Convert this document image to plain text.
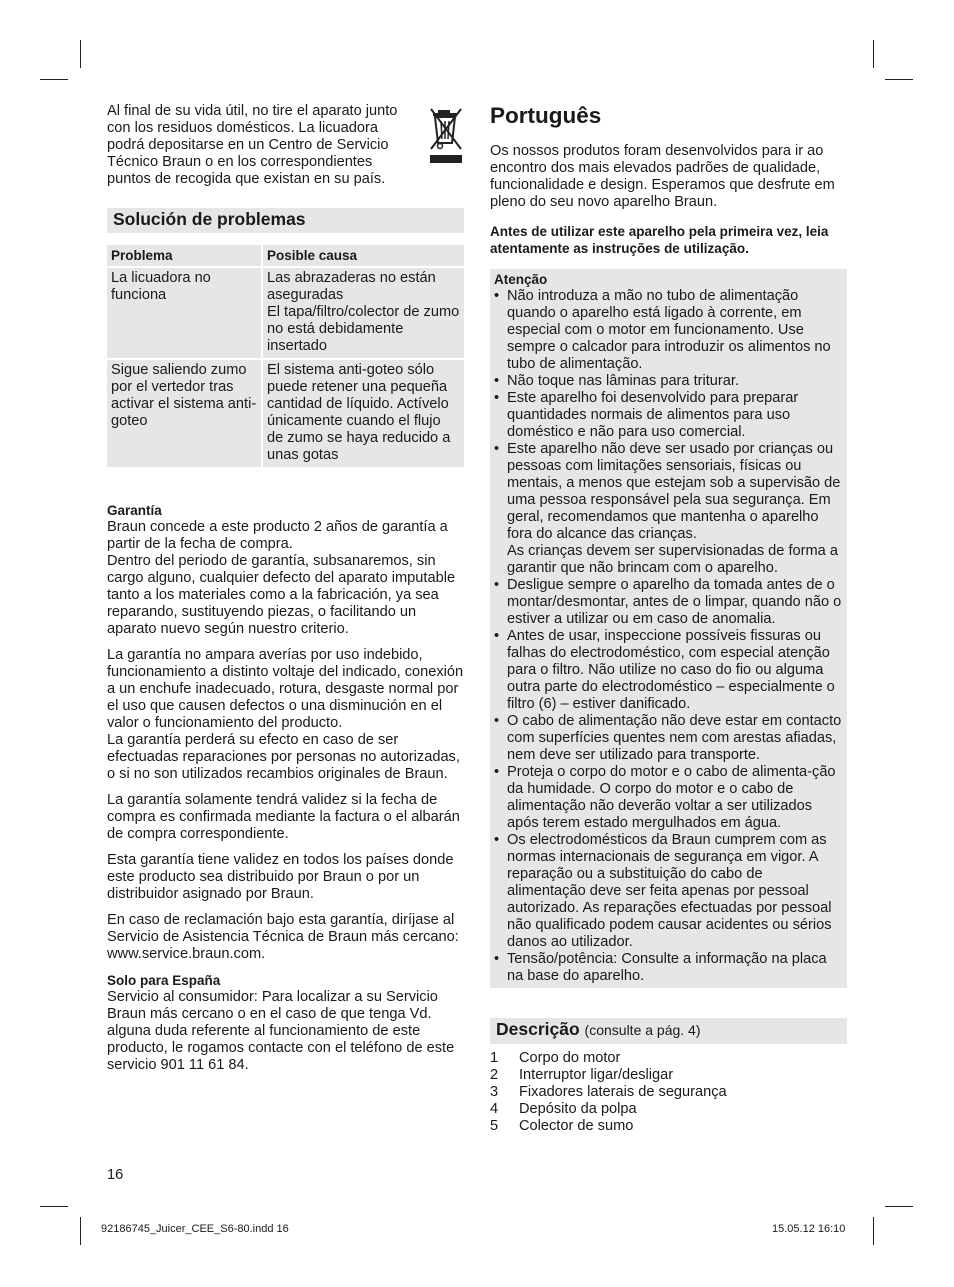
Al final de su vida útil, no tire el aparato junto con los residuos domésticos. La licuadora podrá depositarse en un Centro de Servicio Técnico Braun o en los correspondientes puntos de recogida que existan en su país.

Solución de problemas
Problema	Posible causa
La licuadora no funciona	Las abrazaderas no están aseguradas
El tapa/filtro/colector de zumo no está debidamente insertado
Sigue saliendo zumo por el vertedor tras activar el sistema anti-goteo	El sistema anti-goteo sólo puede retener una pequeña cantidad de líquido. Actívelo únicamente cuando el flujo de zumo se haya reducido a unas gotas
Garantía

Braun concede a este producto 2 años de garantía a partir de la fecha de compra.
Dentro del periodo de garantía, subsanaremos, sin cargo alguno, cualquier defecto del aparato imputable tanto a los materiales como a la fabricación, ya sea reparando, sustituyendo piezas, o facilitando un aparato nuevo según nuestro criterio.

La garantía no ampara averías por uso indebido, funcionamiento a distinto voltaje del indicado, conexión a un enchufe inadecuado, rotura, desgaste normal por el uso que causen defectos o una disminución en el valor o funcionamiento del producto.
La garantía perderá su efecto en caso de ser efectuadas reparaciones por personas no autorizadas, o si no son utilizados recambios originales de Braun.

La garantía solamente tendrá validez si la fecha de compra es confirmada mediante la factura o el albarán de compra correspondiente.

Esta garantía tiene validez en todos los países donde este producto sea distribuido por Braun o por un distribuidor asignado por Braun.

En caso de reclamación bajo esta garantía, diríjase al Servicio de Asistencia Técnica de Braun más cercano: www.service.braun.com.

Solo para España

Servicio al consumidor: Para localizar a su Servicio Braun más cercano o en el caso de que tenga Vd. alguna duda referente al funcionamiento de este producto, le rogamos contacte con el teléfono de este servicio 901 11 61 84.

Português

Os nossos produtos foram desenvolvidos para ir ao encontro dos mais elevados padrões de qualidade, funcionalidade e design. Esperamos que desfrute em pleno do seu novo aparelho Braun.

Antes de utilizar este aparelho pela primeira vez, leia atentamente as instruções de utilização.
Atenção
• Não introduza a mão no tubo de alimentação quando o aparelho está ligado à corrente, em especial com o motor em funcionamento. Use sempre o calcador para introduzir os alimentos no tubo de alimentação.
• Não toque nas lâminas para triturar.
• Este aparelho foi desenvolvido para preparar quantidades normais de alimentos para uso doméstico e não para uso comercial.
• Este aparelho não deve ser usado por crianças ou pessoas com limitações sensoriais, físicas ou mentais, a menos que estejam sob a supervisão de uma pessoa responsável pela sua segurança. Em geral, recomendamos que mantenha o aparelho fora do alcance das crianças.
As crianças devem ser supervisionadas de forma a garantir que não brincam com o aparelho.
• Desligue sempre o aparelho da tomada antes de o montar/desmontar, antes de o limpar, quando não o estiver a utilizar ou em caso de anomalia.
• Antes de usar, inspeccione possíveis fissuras ou falhas do electrodoméstico, com especial atenção para o filtro. Não utilize no caso do fio ou alguma outra parte do electrodoméstico – especialmente o filtro (6) – estiver danificado.
• O cabo de alimentação não deve estar em contacto com superfícies quentes nem com arestas afiadas, nem deve ser utilizado para transporte.
• Proteja o corpo do motor e o cabo de alimenta-ção da humidade. O corpo do motor e o cabo de alimentação não deverão voltar a ser utilizados após terem estado mergulhados em água.
• Os electrodomésticos da Braun cumprem com as normas internacionais de segurança em vigor. A reparação ou a substituição do cabo de alimentação deve ser feita apenas por pessoal autorizado. As reparações efectuadas por pessoal não qualificado podem causar acidentes ou sérios danos ao utilizador.
• Tensão/potência: Consulte a informação na placa na base do aparelho.
Descrição (consulte a pág. 4)
1	Corpo do motor
2	Interruptor ligar/desligar
3	Fixadores laterais de segurança
4	Depósito da polpa
5	Colector de sumo
16
92186745_Juicer_CEE_S6-80.indd 16	15.05.12 16:10
